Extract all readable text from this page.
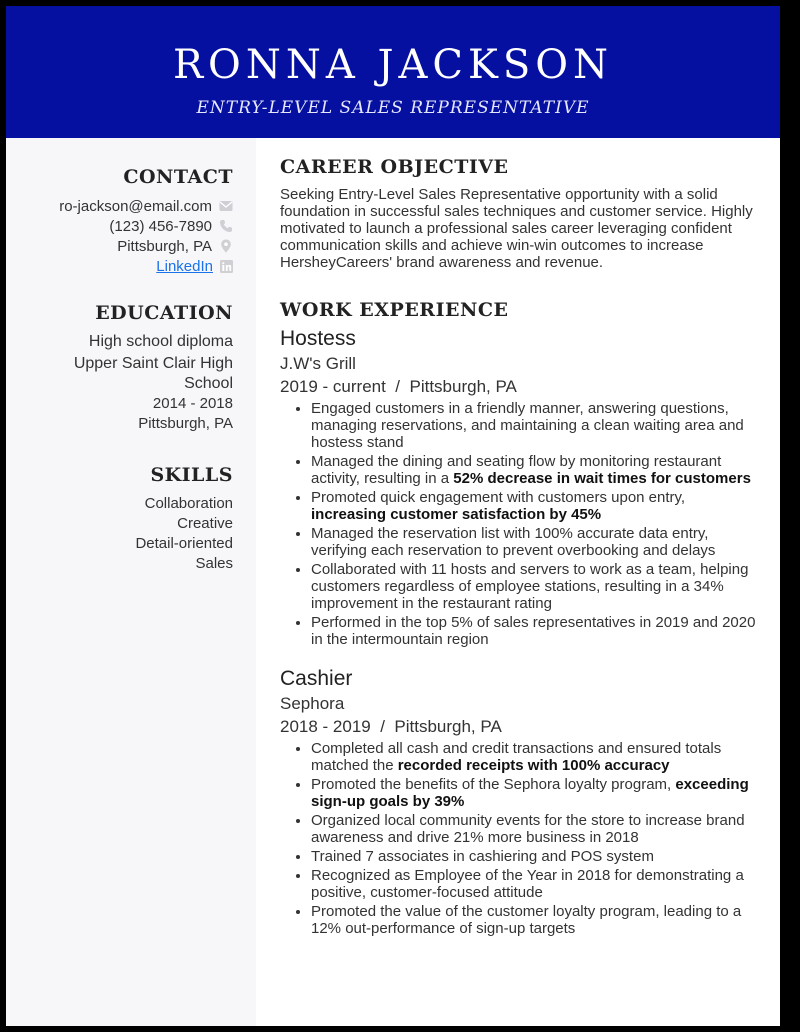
RONNA JACKSON
ENTRY-LEVEL SALES REPRESENTATIVE
CONTACT
ro-jackson@email.com
(123) 456-7890
Pittsburgh, PA
LinkedIn
EDUCATION
High school diploma
Upper Saint Clair High School
2014 - 2018
Pittsburgh, PA
SKILLS
Collaboration
Creative
Detail-oriented
Sales
CAREER OBJECTIVE
Seeking Entry-Level Sales Representative opportunity with a solid foundation in successful sales techniques and customer service. Highly motivated to launch a professional sales career leveraging confident communication skills and achieve win-win outcomes to increase HersheyCareers' brand awareness and revenue.
WORK EXPERIENCE
Hostess
J.W's Grill
2019 - current  /  Pittsburgh, PA
• Engaged customers in a friendly manner, answering questions, managing reservations, and maintaining a clean waiting area and hostess stand
• Managed the dining and seating flow by monitoring restaurant activity, resulting in a 52% decrease in wait times for customers
• Promoted quick engagement with customers upon entry, increasing customer satisfaction by 45%
• Managed the reservation list with 100% accurate data entry, verifying each reservation to prevent overbooking and delays
• Collaborated with 11 hosts and servers to work as a team, helping customers regardless of employee stations, resulting in a 34% improvement in the restaurant rating
• Performed in the top 5% of sales representatives in 2019 and 2020 in the intermountain region
Cashier
Sephora
2018 - 2019  /  Pittsburgh, PA
• Completed all cash and credit transactions and ensured totals matched the recorded receipts with 100% accuracy
• Promoted the benefits of the Sephora loyalty program, exceeding sign-up goals by 39%
• Organized local community events for the store to increase brand awareness and drive 21% more business in 2018
• Trained 7 associates in cashiering and POS system
• Recognized as Employee of the Year in 2018 for demonstrating a positive, customer-focused attitude
• Promoted the value of the customer loyalty program, leading to a 12% out-performance of sign-up targets
